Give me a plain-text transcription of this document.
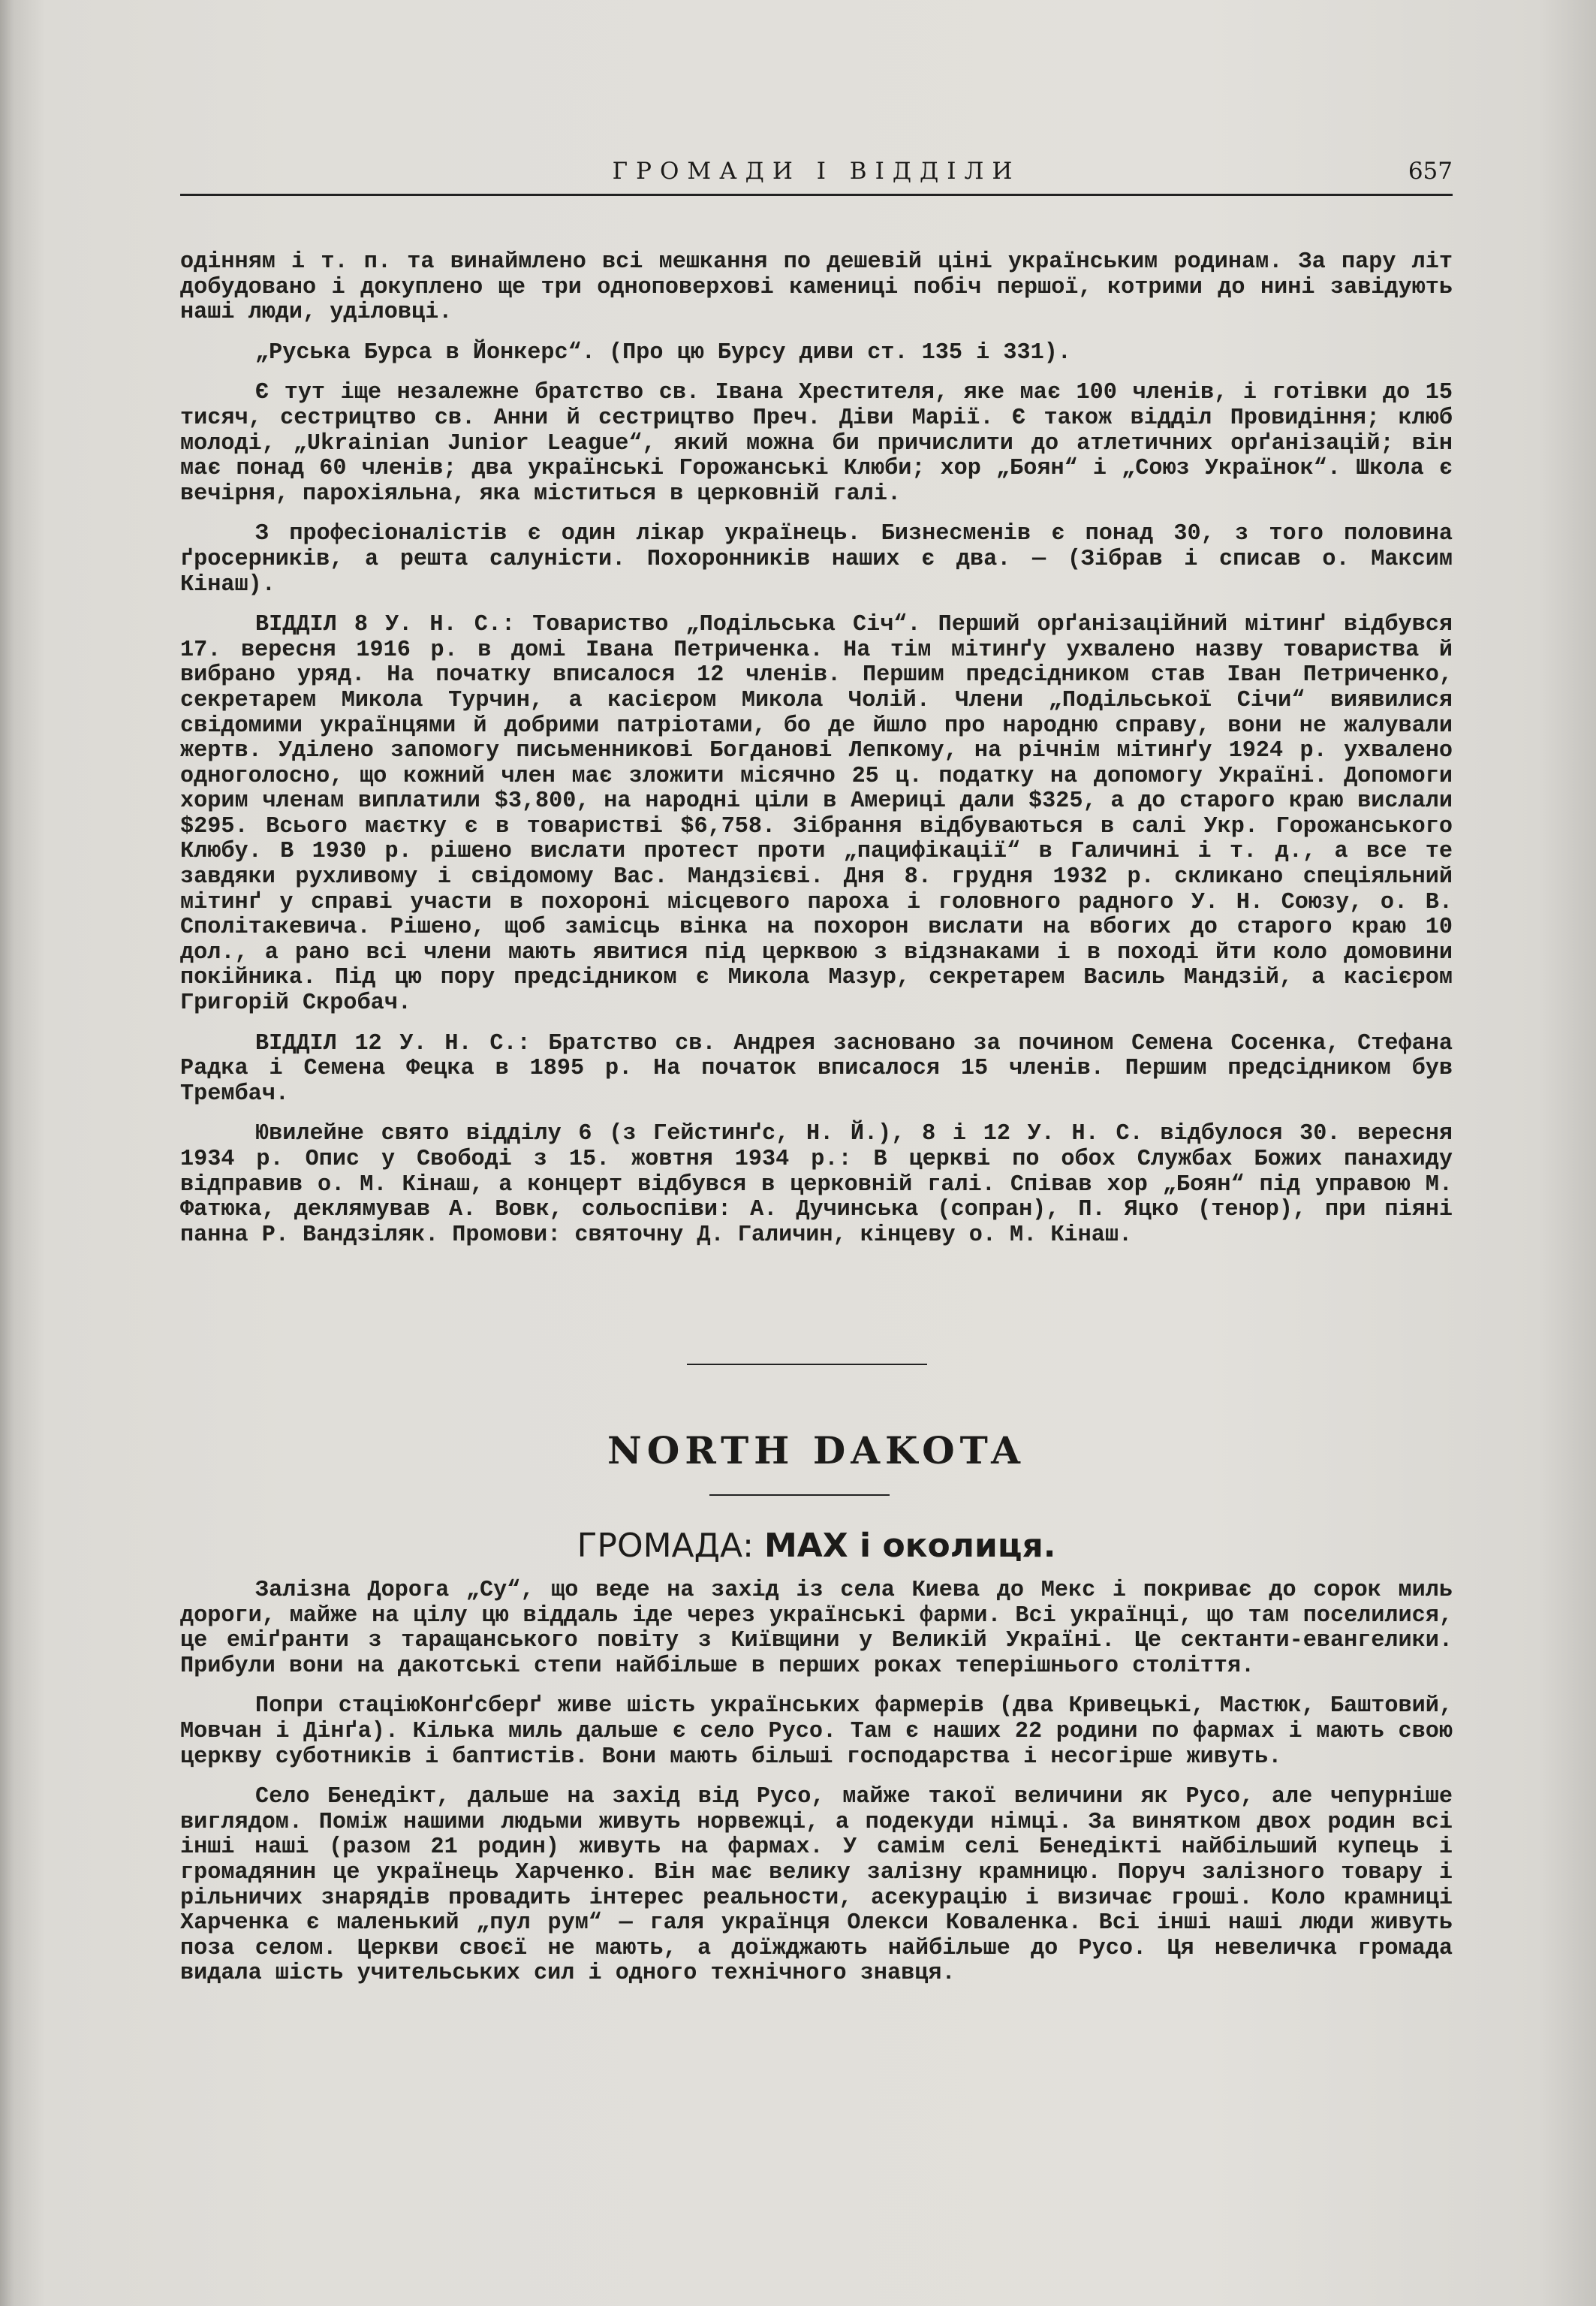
ГРОМАДИ І ВІДДІЛИ	657

одінням і т. п. та винаймлено всі мешкання по дешевій ціні українським родинам. За пару літ добудовано і докуплено ще три одноповерхові камениці побіч першої, котрими до нині завідують наші люди, уділовці.

„Руська Бурса в Йонкерс“. (Про цю Бурсу диви ст. 135 і 331).

Є тут іще незалежне братство св. Івана Хрестителя, яке має 100 членів, і готівки до 15 тисяч, сестрицтво св. Анни й сестрицтво Преч. Діви Марії. Є також відділ Провидіння; клюб молоді, „Ukrainian Junior League“, який можна би причислити до атлетичних орґанізацій; він має понад 60 членів; два українські Горожанські Клюби; хор „Боян“ і „Союз Українок“. Школа є вечірня, парохіяльна, яка міститься в церковній галі.

З професіоналістів є один лікар українець. Бизнесменів є понад 30, з того половина ґросерників, а решта салуністи. Похоронників наших є два. — (Зібрав і списав о. Максим Кінаш).

ВІДДІЛ 8 У. Н. С.: Товариство „Подільська Січ“. Перший орґанізаційний мітинґ відбувся 17. вересня 1916 р. в домі Івана Петриченка. На тім мітинґу ухвалено назву товариства й вибрано уряд. На початку вписалося 12 членів. Першим предсідником став Іван Петриченко, секретарем Микола Турчин, а касієром Микола Чолій. Члени „Подільської Січи“ виявилися свідомими українцями й добрими патріотами, бо де йшло про народню справу, вони не жалували жертв. Уділено запомогу письменникові Богданові Лепкому, на річнім мітинґу 1924 р. ухвалено одноголосно, що кожний член має зложити місячно 25 ц. податку на допомогу Україні. Допомоги хорим членам виплатили $3,800, на народні ціли в Америці дали $325, а до старого краю вислали $295. Всього маєтку є в товаристві $6,758. Зібрання відбуваються в салі Укр. Горожанського Клюбу. В 1930 р. рішено вислати протест проти „пацифікації“ в Галичині і т. д., а все те завдяки рухливому і свідомому Вас. Мандзієві. Дня 8. грудня 1932 р. скликано спеціяльний мітинґ у справі участи в похороні місцевого пароха і головного радного У. Н. Союзу, о. В. Сполітакевича. Рішено, щоб замісць вінка на похорон вислати на вбогих до старого краю 10 дол., а рано всі члени мають явитися під церквою з відзнаками і в поході йти коло домовини покійника. Під цю пору предсідником є Микола Мазур, секретарем Василь Мандзій, а касієром Григорій Скробач.

ВІДДІЛ 12 У. Н. С.: Братство св. Андрея засновано за почином Семена Сосенка, Стефана Радка і Семена Фецка в 1895 р. На початок вписалося 15 членів. Першим предсідником був Трембач.

Ювилейне свято відділу 6 (з Гейстинґс, Н. Й.), 8 і 12 У. Н. С. відбулося 30. вересня 1934 р. Опис у Свободі з 15. жовтня 1934 р.: В церкві по обох Службах Божих панахиду відправив о. М. Кінаш, а концерт відбувся в церковній галі. Співав хор „Боян“ під управою М. Фатюка, деклямував А. Вовк, сольоспіви: А. Дучинська (сопран), П. Яцко (тенор), при піяні панна Р. Вандзіляк. Промови: святочну Д. Галичин, кінцеву о. М. Кінаш.

NORTH DAKOTA
ГРОМАДА: MAX і околиця.

Залізна Дорога „Су“, що веде на захід із села Киева до Мекс і покриває до сорок миль дороги, майже на цілу цю віддаль іде через українські фарми. Всі українці, що там поселилися, це еміґранти з таращанського повіту з Київщини у Великій Україні. Це сектанти-евангелики. Прибули вони на дакотські степи найбільше в перших роках теперішнього століття.

Попри стаціюКонґсберґ живе шість українських фармерів (два Кривецькі, Мастюк, Баштовий, Мовчан і Дінґа). Кілька миль дальше є село Русо. Там є наших 22 родини по фармах і мають свою церкву суботників і баптистів. Вони мають більші господарства і несогірше живуть.

Село Бенедікт, дальше на захід від Русо, майже такої величини як Русо, але чепурніше виглядом. Поміж нашими людьми живуть норвежці, а подекуди німці. За винятком двох родин всі інші наші (разом 21 родин) живуть на фармах. У самім селі Бенедікті найбільший купець і громадянин це українець Харченко. Він має велику залізну крамницю. Поруч залізного товару і рільничих знарядів провадить інтерес реальности, асекурацію і визичає гроші. Коло крамниці Харченка є маленький „пул рум“ — галя українця Олекси Коваленка. Всі інші наші люди живуть поза селом. Церкви своєї не мають, а доїжджають найбільше до Русо. Ця невеличка громада видала шість учительських сил і одного технічного знавця.
